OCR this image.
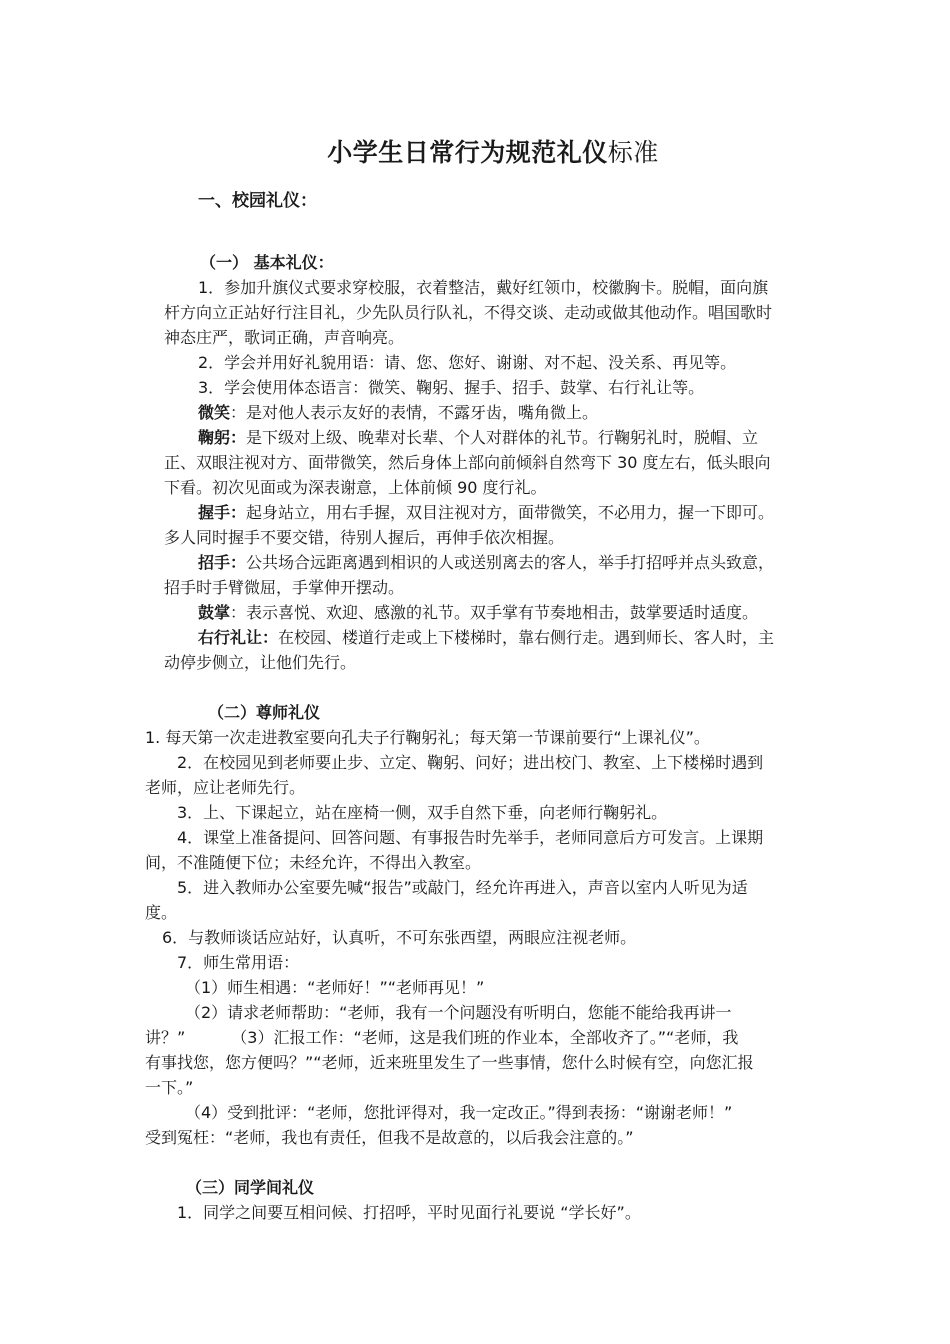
小学生日常行为规范礼仪标准
一、校园礼仪：
（一） 基本礼仪：
1．参加升旗仪式要求穿校服，衣着整洁，戴好红领巾，校徽胸卡。脱帽，面向旗
杆方向立正站好行注目礼，少先队员行队礼，不得交谈、走动或做其他动作。唱国歌时
神态庄严，歌词正确，声音响亮。
2．学会并用好礼貌用语：请、您、您好、谢谢、对不起、没关系、再见等。
3．学会使用体态语言：微笑、鞠躬、握手、招手、鼓掌、右行礼让等。
微笑：是对他人表示友好的表情，不露牙齿，嘴角微上。
鞠躬：是下级对上级、晚辈对长辈、个人对群体的礼节。行鞠躬礼时，脱帽、立
正、双眼注视对方、面带微笑，然后身体上部向前倾斜自然弯下 30 度左右，低头眼向
下看。初次见面或为深表谢意，上体前倾 90 度行礼。
握手：起身站立，用右手握，双目注视对方，面带微笑，不必用力，握一下即可。
多人同时握手不要交错，待别人握后，再伸手依次相握。
招手：公共场合远距离遇到相识的人或送别离去的客人，举手打招呼并点头致意，
招手时手臂微屈，手掌伸开摆动。
鼓掌：表示喜悦、欢迎、感激的礼节。双手掌有节奏地相击，鼓掌要适时适度。
右行礼让：在校园、楼道行走或上下楼梯时，靠右侧行走。遇到师长、客人时，主
动停步侧立，让他们先行。
（二）尊师礼仪
1. 每天第一次走进教室要向孔夫子行鞠躬礼；每天第一节课前要行“上课礼仪”。
2．在校园见到老师要止步、立定、鞠躬、问好；进出校门、教室、上下楼梯时遇到
老师，应让老师先行。
3．上、下课起立，站在座椅一侧，双手自然下垂，向老师行鞠躬礼。
4．课堂上准备提问、回答问题、有事报告时先举手，老师同意后方可发言。上课期
间，不准随便下位；未经允许，不得出入教室。
5．进入教师办公室要先喊“报告”或敲门，经允许再进入，声音以室内人听见为适
度。
6．与教师谈话应站好，认真听，不可东张西望，两眼应注视老师。
7．师生常用语：
（1）师生相遇：“老师好！”“老师再见！”
（2）请求老师帮助：“老师，我有一个问题没有听明白，您能不能给我再讲一
讲？”	（3）汇报工作：“老师，这是我们班的作业本，全部收齐了。”“老师，我
有事找您，您方便吗？”“老师，近来班里发生了一些事情，您什么时候有空，向您汇报
一下。”
（4）受到批评：“老师，您批评得对，我一定改正。”得到表扬：“谢谢老师！”
受到冤枉：“老师，我也有责任，但我不是故意的，以后我会注意的。”
（三）同学间礼仪
1．同学之间要互相问候、打招呼，平时见面行礼要说 “学长好”。
